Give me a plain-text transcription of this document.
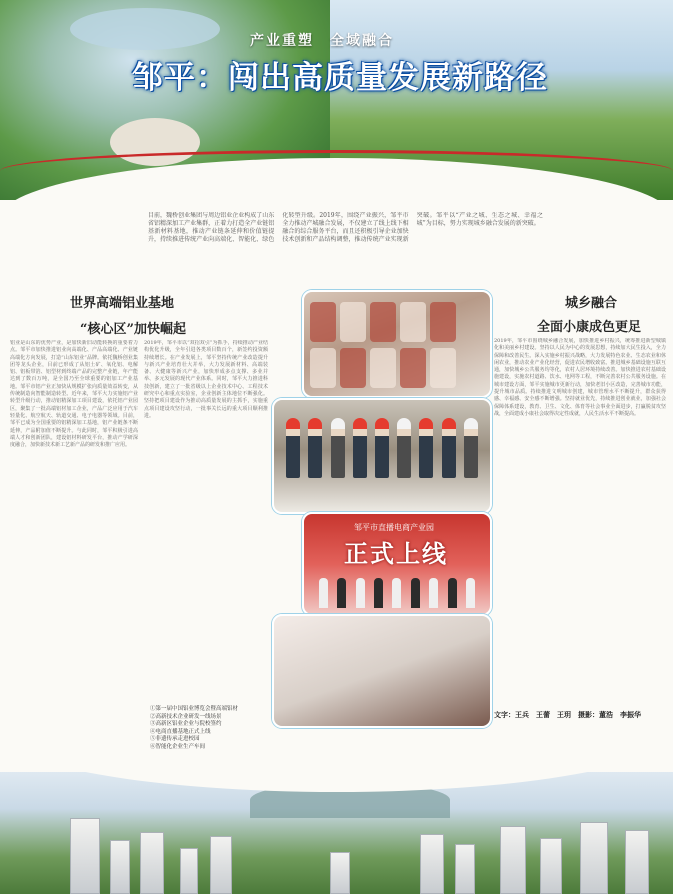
产业重塑　全域融合
邹平：闯出高质量发展新路径
目前，魏桥创业集团与周边铝业企业构成了山东省铝精深加工产业集群，正着力打造全产业链铝基新材料基地，推动产业链条延伸和价值链提升，持续推进传统产业向高端化、智能化、绿色化转型升级。2019年，围绕产业振兴，邹平市全力推动产城融合发展，不仅建立了线上线下相融合的综合服务平台，而且还积极引导企业加快技术创新和产品结构调整，推动传统产业实现新突破。邹平以“产业之城、生态之城、幸福之城”为目标，努力实现城乡融合发展的新突破。
世界高端铝业基地
“核心区”加快崛起
铝业是山东的优势产业，是加快新旧动能转换的重要着力点。邹平市加快推进铝业向高端化、产品高端化、产业链高端化方向发展，打造“山东铝业”品牌。依托魏桥创业集团等龙头企业，目前已形成了从铝土矿、氧化铝、电解铝、铝板带箔、铝型材到终端产品的完整产业链，年产能达到了数百万吨，是全国乃至全球重要的铝加工产业基地。邹平市铝产业正加快从规模扩张向质量效益转变，从传统制造向智能制造转型。近年来，邹平大力实施铝产业转型升级行动，推动铝精深加工项目建设，依托铝产业园区，聚集了一批高端铝材加工企业，产品广泛应用于汽车轻量化、航空航天、轨道交通、电子电器等领域。目前，邹平已成为全国重要的铝精深加工基地，铝产业链条不断延伸，产品附加值不断提升。与此同时，邹平积极引进高端人才和创新团队，建设铝材料研发平台，推动产学研深度融合，加快新技术新工艺新产品的研发和推广应用。
2019年，邹平市以“双招双引”为抓手，持续推动产业结构优化升级，全年引进各类项目数百个，新签约投资额持续增长。在产业发展上，邹平坚持传统产业改造提升与新兴产业培育壮大并举，大力发展新材料、高端装备、大健康等新兴产业，加快形成多点支撑、多业并举、多元发展的现代产业体系。同时，邹平大力推进科技创新，建立了一批省级以上企业技术中心、工程技术研究中心和重点实验室，企业创新主体地位不断强化。坚持把项目建设作为推动高质量发展的主抓手，实施重点项目建设攻坚行动，一批事关长远的重大项目顺利推进。
城乡融合
全面小康成色更足
2019年，邹平市围绕城乡融合发展，加快推进乡村振兴，统筹推进新型城镇化和美丽乡村建设。坚持以人民为中心的发展思想，持续加大民生投入，全力保障和改善民生。深入实施乡村振兴战略，大力发展特色农业、生态农业和休闲农业，推动农业产业化经营，促进农民增收致富。推进城乡基础设施互联互通，加快城乡公共服务均等化，农村人居环境持续改善。加快推进农村基础设施建设，实施农村道路、饮水、电网等工程，不断完善农村公共服务设施。在城市建设方面，邹平实施城市更新行动，加快老旧小区改造，完善城市功能，提升城市品质。持续推进文明城市创建，城市管理水平不断提升，群众获得感、幸福感、安全感不断增强。坚持就业优先，持续推进创业就业，加强社会保障体系建设，教育、卫生、文化、体育等社会事业全面进步，打赢脱贫攻坚战，全面建成小康社会取得决定性成就，人民生活水平不断提高。
邹平市直播电商产业园
正式上线
①第一届中国铝业博览会暨高端铝材
②高新技术企业研发一线场景
③高新区铝业企业与院校签约
④电商直播基地正式上线
⑤非遗传承走进校园
⑥智能化企业生产车间
文字：王兵　王蕾　王玥　摄影：董浩　李振华
